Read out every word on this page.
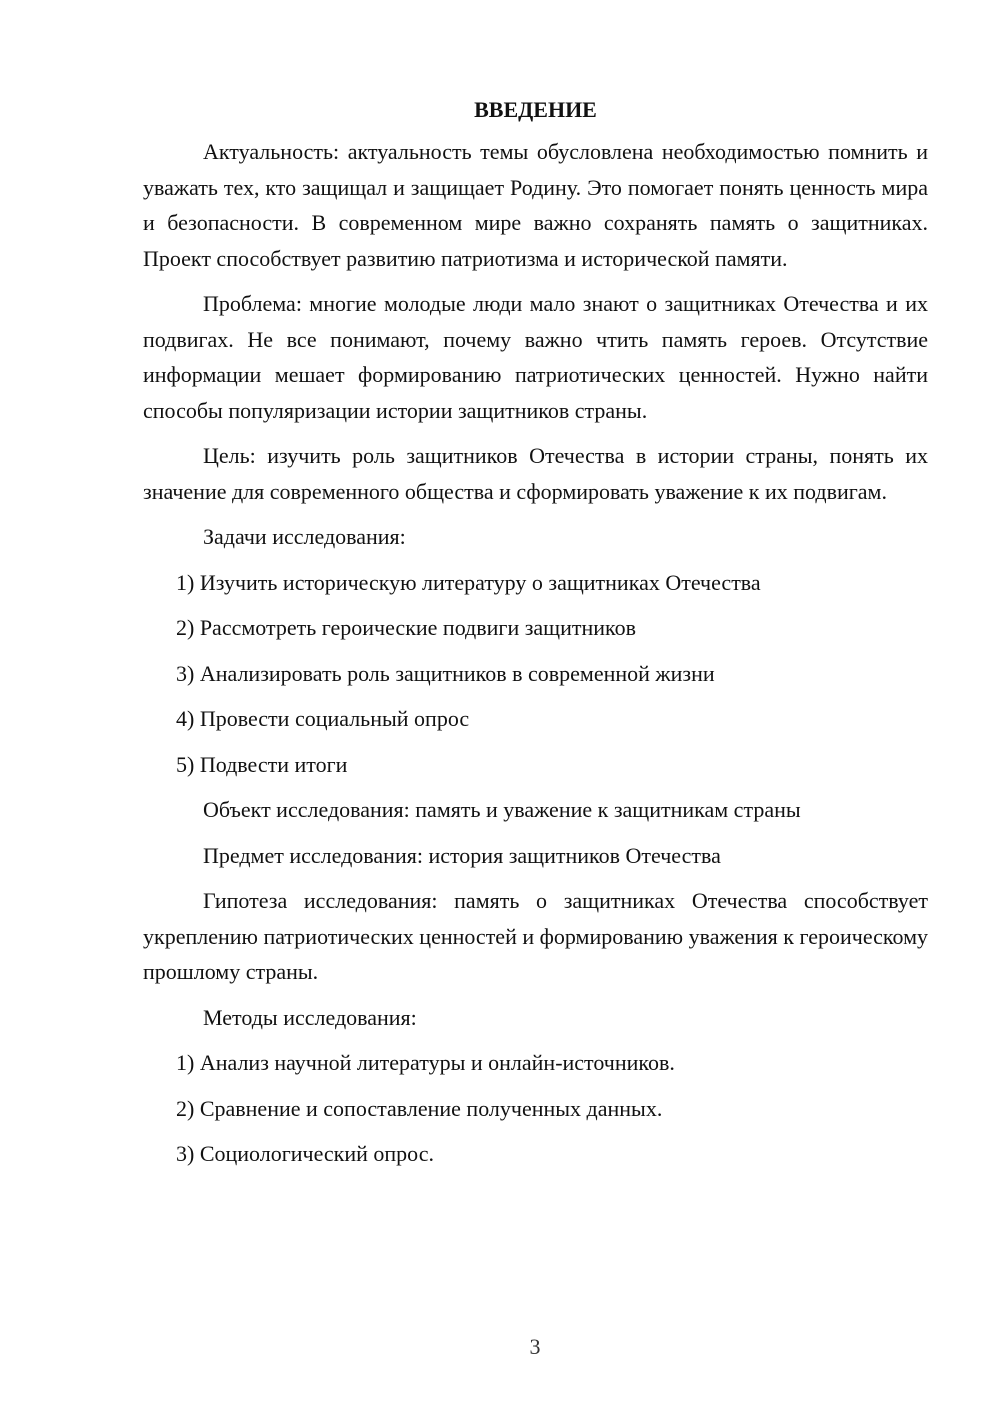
ВВЕДЕНИЕ

Актуальность: актуальность темы обусловлена необходимостью помнить и уважать тех, кто защищал и защищает Родину. Это помогает понять ценность мира и безопасности. В современном мире важно сохранять память о защитниках. Проект способствует развитию патриотизма и исторической памяти.

Проблема: многие молодые люди мало знают о защитниках Отечества и их подвигах. Не все понимают, почему важно чтить память героев. Отсутствие информации мешает формированию патриотических ценностей. Нужно найти способы популяризации истории защитников страны.

Цель: изучить роль защитников Отечества в истории страны, понять их значение для современного общества и сформировать уважение к их подвигам.

Задачи исследования:

1) Изучить историческую литературу о защитниках Отечества
2) Рассмотреть героические подвиги защитников
3) Анализировать роль защитников в современной жизни
4) Провести социальный опрос
5) Подвести итоги

Объект исследования: память и уважение к защитникам страны

Предмет исследования: история защитников Отечества

Гипотеза исследования: память о защитниках Отечества способствует укреплению патриотических ценностей и формированию уважения к героическому прошлому страны.

Методы исследования:

1) Анализ научной литературы и онлайн-источников.
2) Сравнение и сопоставление полученных данных.
3) Социологический опрос.
3
